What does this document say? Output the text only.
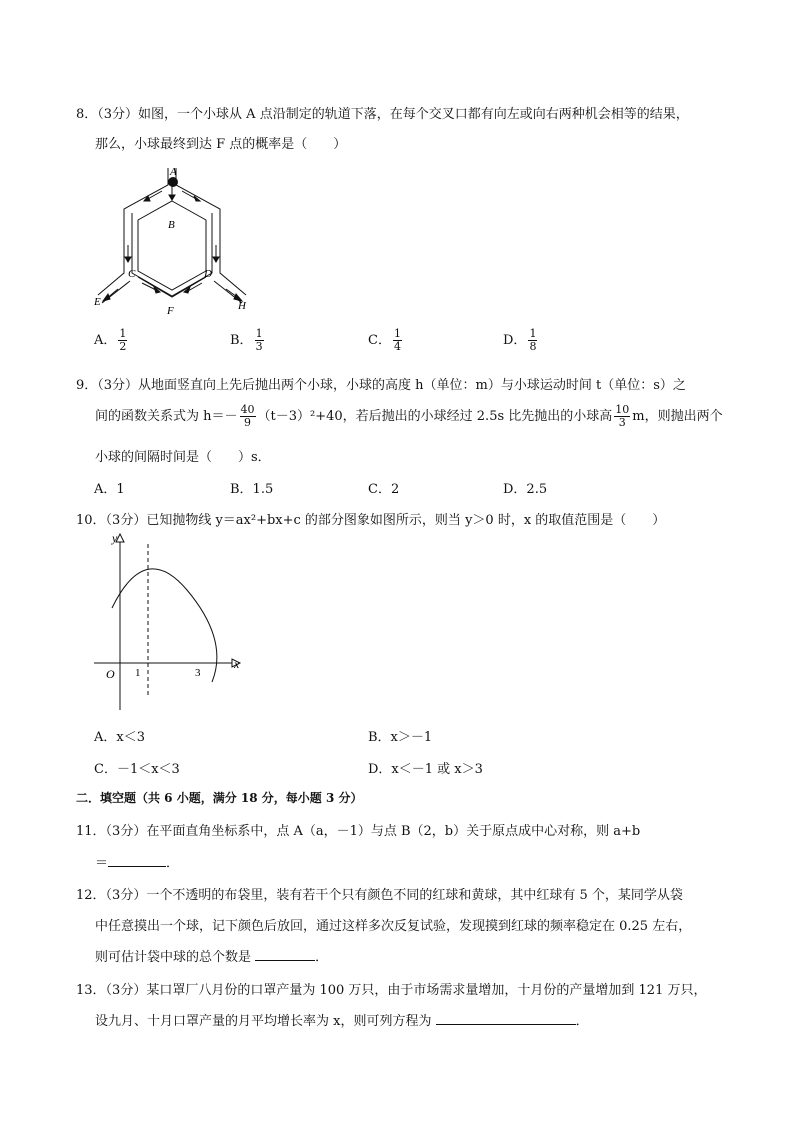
8．（3分）如图，一个小球从 A 点沿制定的轨道下落，在每个交叉口都有向左或向右两种机会相等的结果，
那么，小球最终到达 F 点的概率是（　　）
A
B
C	D
E
F	H
A． $\frac{1}{2}$	B． $\frac{1}{3}$	C． $\frac{1}{4}$	D． $\frac{1}{8}$
9．（3分）从地面竖直向上先后抛出两个小球，小球的高度 h（单位：m）与小球运动时间 t（单位：s）之
间的函数关系式为 $h=- \frac{40}{9} (t-3)^2+40$，若后抛出的小球经过 2.5s 比先抛出的小球高 $\frac{10}{3}$ m，则抛出两个
小球的间隔时间是（　　）s．
A．1	B．1.5	C．2	D．2.5
10．（3分）已知抛物线 y＝ax²+bx+c 的部分图象如图所示，则当 y＞0 时，x 的取值范围是（　　）
y
x
O 1	3
A．x＜3	B．x＞－1
C．－1＜x＜3	D．x＜－1 或 x＞3
二．填空题（共 6 小题，满分 18 分，每小题 3 分）
11．（3分）在平面直角坐标系中，点 A（a，－1）与点 B（2，b）关于原点成中心对称，则 a+b
＝	．
12．（3分）一个不透明的布袋里，装有若干个只有颜色不同的红球和黄球，其中红球有 5 个，某同学从袋
中任意摸出一个球，记下颜色后放回，通过这样多次反复试验，发现摸到红球的频率稳定在 0.25 左右，
则可估计袋中球的总个数是	．
13．（3分）某口罩厂八月份的口罩产量为 100 万只，由于市场需求量增加，十月份的产量增加到 121 万只，
设九月、十月口罩产量的月平均增长率为 x，则可列方程为	．
